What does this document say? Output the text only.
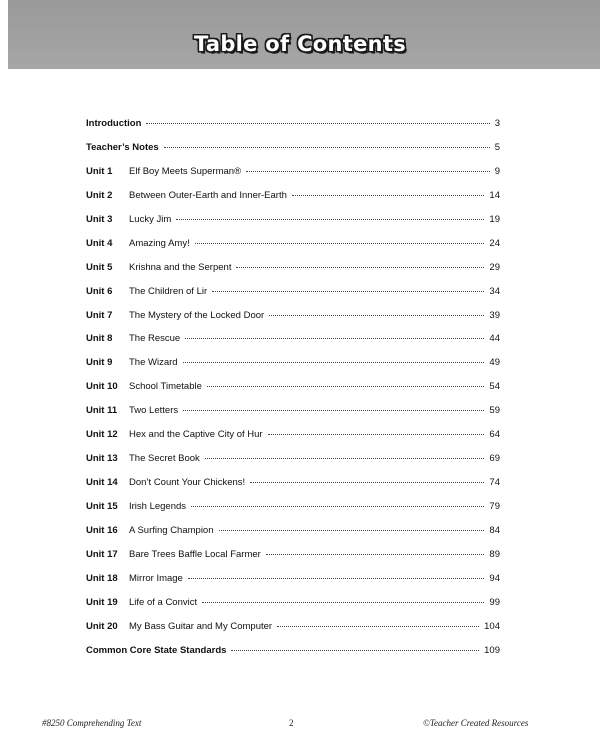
Table of Contents
Introduction	3
Teacher’s Notes	5
Unit 1	Elf Boy Meets Superman®	9
Unit 2	Between Outer-Earth and Inner-Earth	14
Unit 3	Lucky Jim	19
Unit 4	Amazing Amy!	24
Unit 5	Krishna and the Serpent	29
Unit 6	The Children of Lir	34
Unit 7	The Mystery of the Locked Door	39
Unit 8	The Rescue	44
Unit 9	The Wizard	49
Unit 10	School Timetable	54
Unit 11	Two Letters	59
Unit 12	Hex and the Captive City of Hur	64
Unit 13	The Secret Book	69
Unit 14	Don’t Count Your Chickens!	74
Unit 15	Irish Legends	79
Unit 16	A Surfing Champion	84
Unit 17	Bare Trees Baffle Local Farmer	89
Unit 18	Mirror Image	94
Unit 19	Life of a Convict	99
Unit 20	My Bass Guitar and My Computer	104
Common Core State Standards	109
#8250 Comprehending Text	2	©Teacher Created Resources
